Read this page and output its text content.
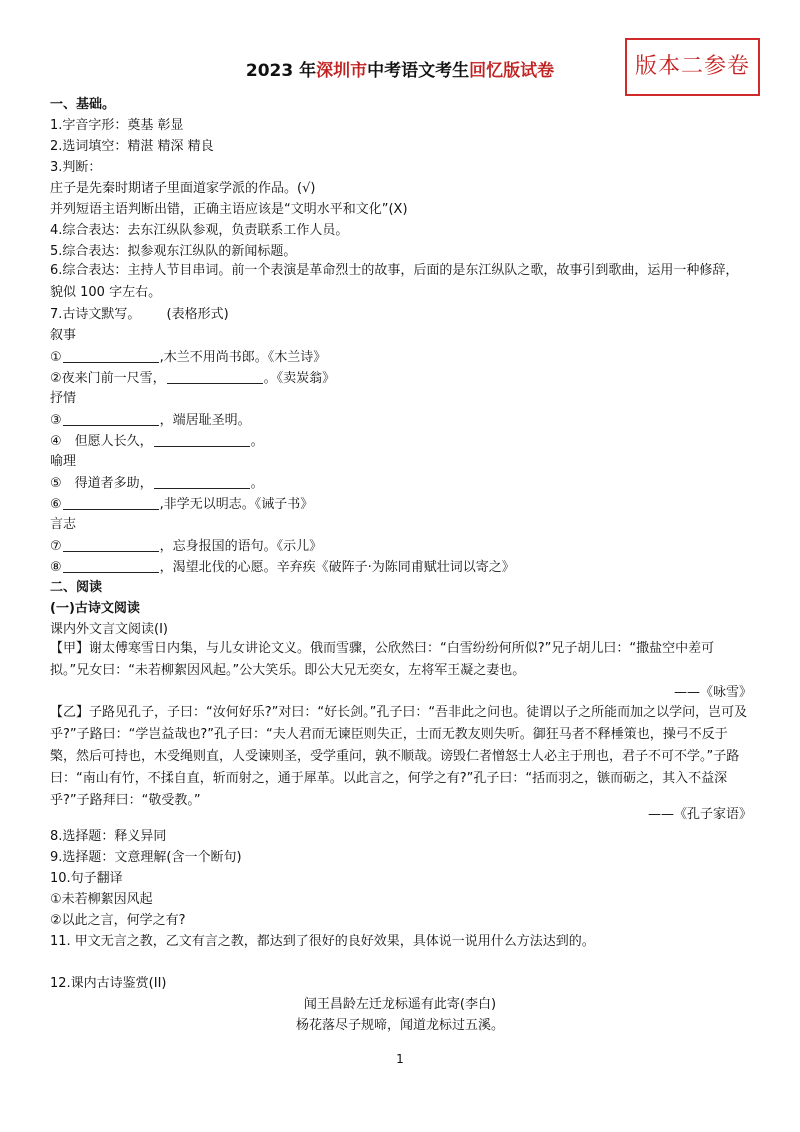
版本二参卷
2023 年深圳市中考语文考生回忆版试卷
一、基础。
1.字音字形：奠基 彰显
2.选词填空：精湛 精深 精良
3.判断：
庄子是先秦时期诸子里面道家学派的作品。(√)
并列短语主语判断出错，正确主语应该是“文明水平和文化”(X)
4.综合表达：去东江纵队参观，负责联系工作人员。
5.综合表达：拟参观东江纵队的新闻标题。
6.综合表达：主持人节目串词。前一个表演是革命烈士的故事，后面的是东江纵队之歌，故事引到歌曲，运用一种修辞，貌似 100 字左右。
7.古诗文默写。 (表格形式)
叙事
①	,木兰不用尚书郎。《木兰诗》
②夜来门前一尺雪，	。《卖炭翁》
抒情
③	，端居耻圣明。
④　但愿人长久，	。
喻理
⑤　得道者多助，	。
⑥	,非学无以明志。《诫子书》
言志
⑦	，忘身报国的语句。《示儿》
⑧	，渴望北伐的心愿。辛弃疾《破阵子·为陈同甫赋壮词以寄之》
二、阅读
(一)古诗文阅读
课内外文言文阅读(I)
【甲】谢太傅寒雪日内集，与儿女讲论文义。俄而雪骤，公欣然曰：“白雪纷纷何所似?”兄子胡儿曰：“撒盐空中差可拟。”兄女曰：“未若柳絮因风起。”公大笑乐。即公大兄无奕女，左将军王凝之妻也。
——《咏雪》
【乙】子路见孔子，子曰：“汝何好乐?”对曰：“好长剑。”孔子曰：“吾非此之问也。徒谓以子之所能而加之以学问，岂可及乎?”子路曰：“学岂益哉也?”孔子曰：“夫人君而无谏臣则失正，士而无教友则失听。御狂马者不释棰策也，操弓不反于檠，然后可持也，木受绳则直，人受谏则圣，受学重问，孰不顺哉。谤毁仁者憎怒士人必主于刑也，君子不可不学。”子路曰：“南山有竹，不揉自直，斩而射之，通于犀革。以此言之，何学之有?”孔子曰：“括而羽之，镞而砺之，其入不益深乎?”子路拜曰：“敬受教。”
——《孔子家语》
8.选择题：释义异同
9.选择题：文意理解(含一个断句)
10.句子翻译
①未若柳絮因风起
②以此之言，何学之有?
11. 甲文无言之教，乙文有言之教，都达到了很好的良好效果，具体说一说用什么方法达到的。
12.课内古诗鉴赏(II)
闻王昌龄左迁龙标遥有此寄(李白)
杨花落尽子规啼，闻道龙标过五溪。
1
